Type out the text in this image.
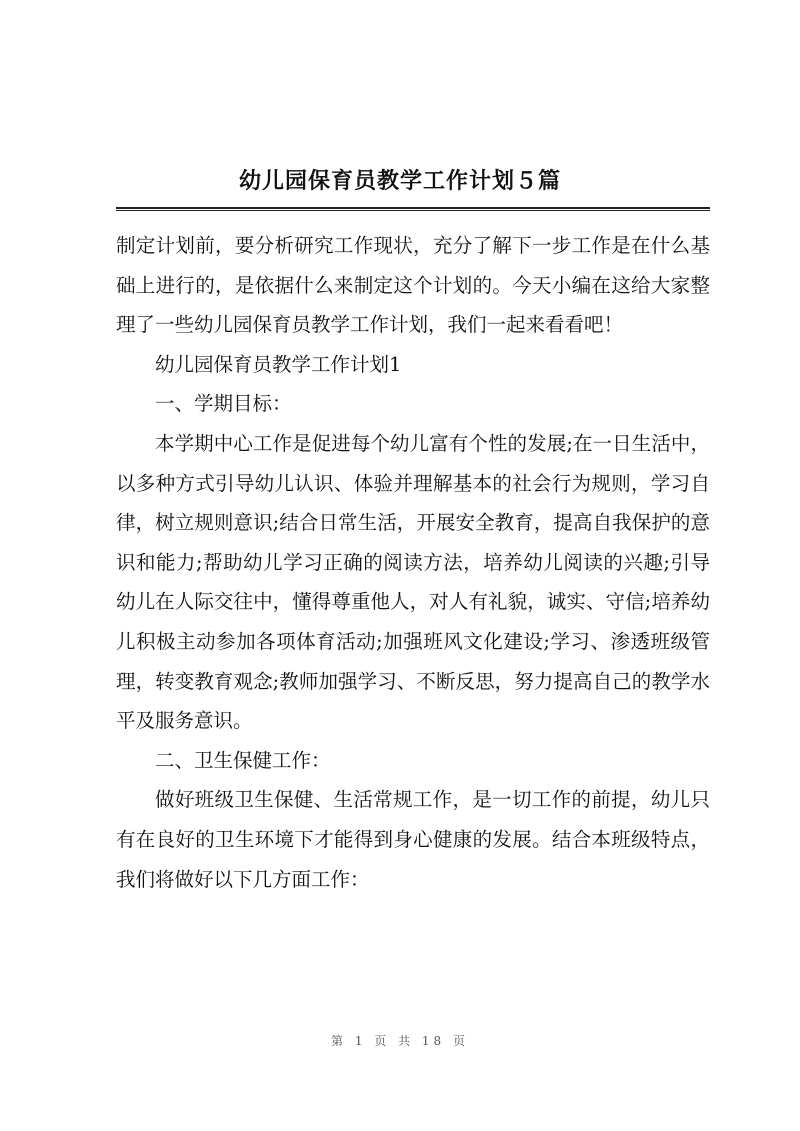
幼儿园保育员教学工作计划５篇

制定计划前，要分析研究工作现状，充分了解下一步工作是在什么基础上进行的，是依据什么来制定这个计划的。今天小编在这给大家整理了一些幼儿园保育员教学工作计划，我们一起来看看吧！

幼儿园保育员教学工作计划1

一、学期目标：

本学期中心工作是促进每个幼儿富有个性的发展;在一日生活中，以多种方式引导幼儿认识、体验并理解基本的社会行为规则，学习自律，树立规则意识;结合日常生活，开展安全教育，提高自我保护的意识和能力;帮助幼儿学习正确的阅读方法，培养幼儿阅读的兴趣;引导幼儿在人际交往中，懂得尊重他人，对人有礼貌，诚实、守信;培养幼儿积极主动参加各项体育活动;加强班风文化建设;学习、渗透班级管理，转变教育观念;教师加强学习、不断反思，努力提高自己的教学水平及服务意识。

二、卫生保健工作：

做好班级卫生保健、生活常规工作，是一切工作的前提，幼儿只有在良好的卫生环境下才能得到身心健康的发展。结合本班级特点，我们将做好以下几方面工作：

第 1 页 共 18 页
